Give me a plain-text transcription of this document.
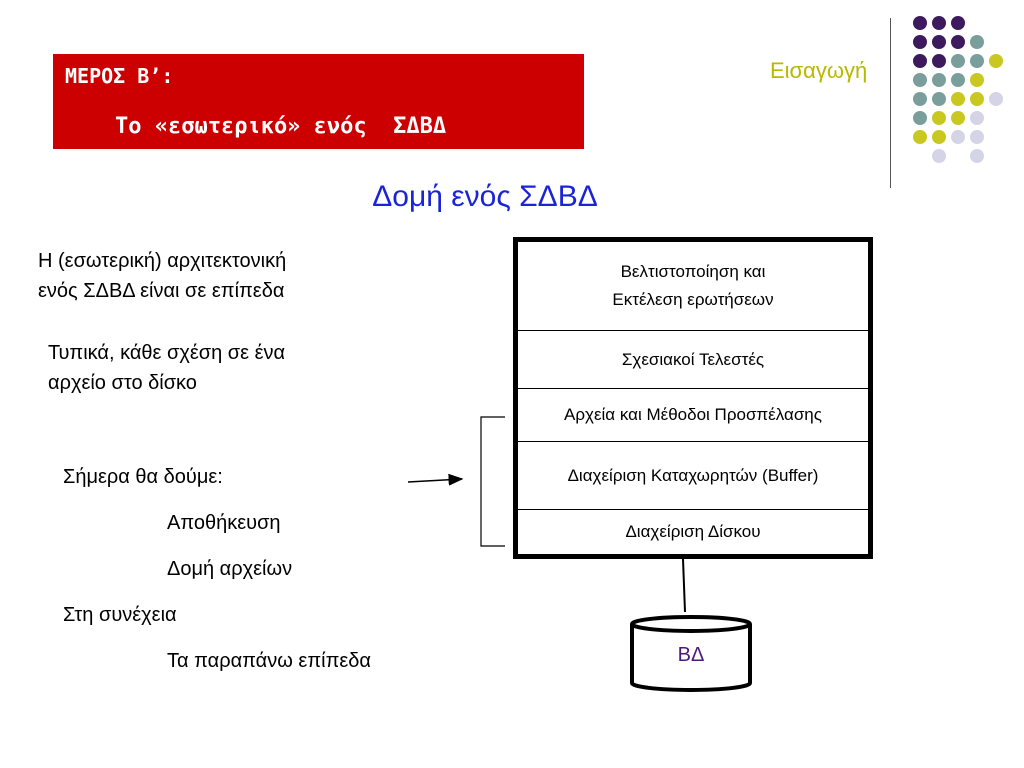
ΜΕΡΟΣ Β’:
Το «εσωτερικό» ενός  ΣΔΒΔ
Εισαγωγή
Δομή ενός ΣΔΒΔ
Η (εσωτερική) αρχιτεκτονική
ενός ΣΔΒΔ είναι σε επίπεδα
Τυπικά, κάθε σχέση σε ένα
αρχείο στο δίσκο
Σήμερα θα δούμε:
Αποθήκευση
Δομή αρχείων
Στη συνέχεια
Τα παραπάνω επίπεδα	ΒΔ
Βελτιστοποίηση και
Εκτέλεση ερωτήσεων
Σχεσιακοί Τελεστές
Αρχεία και Μέθοδοι Προσπέλασης
Διαχείριση Καταχωρητών (Buffer)
Διαχείριση Δίσκου
